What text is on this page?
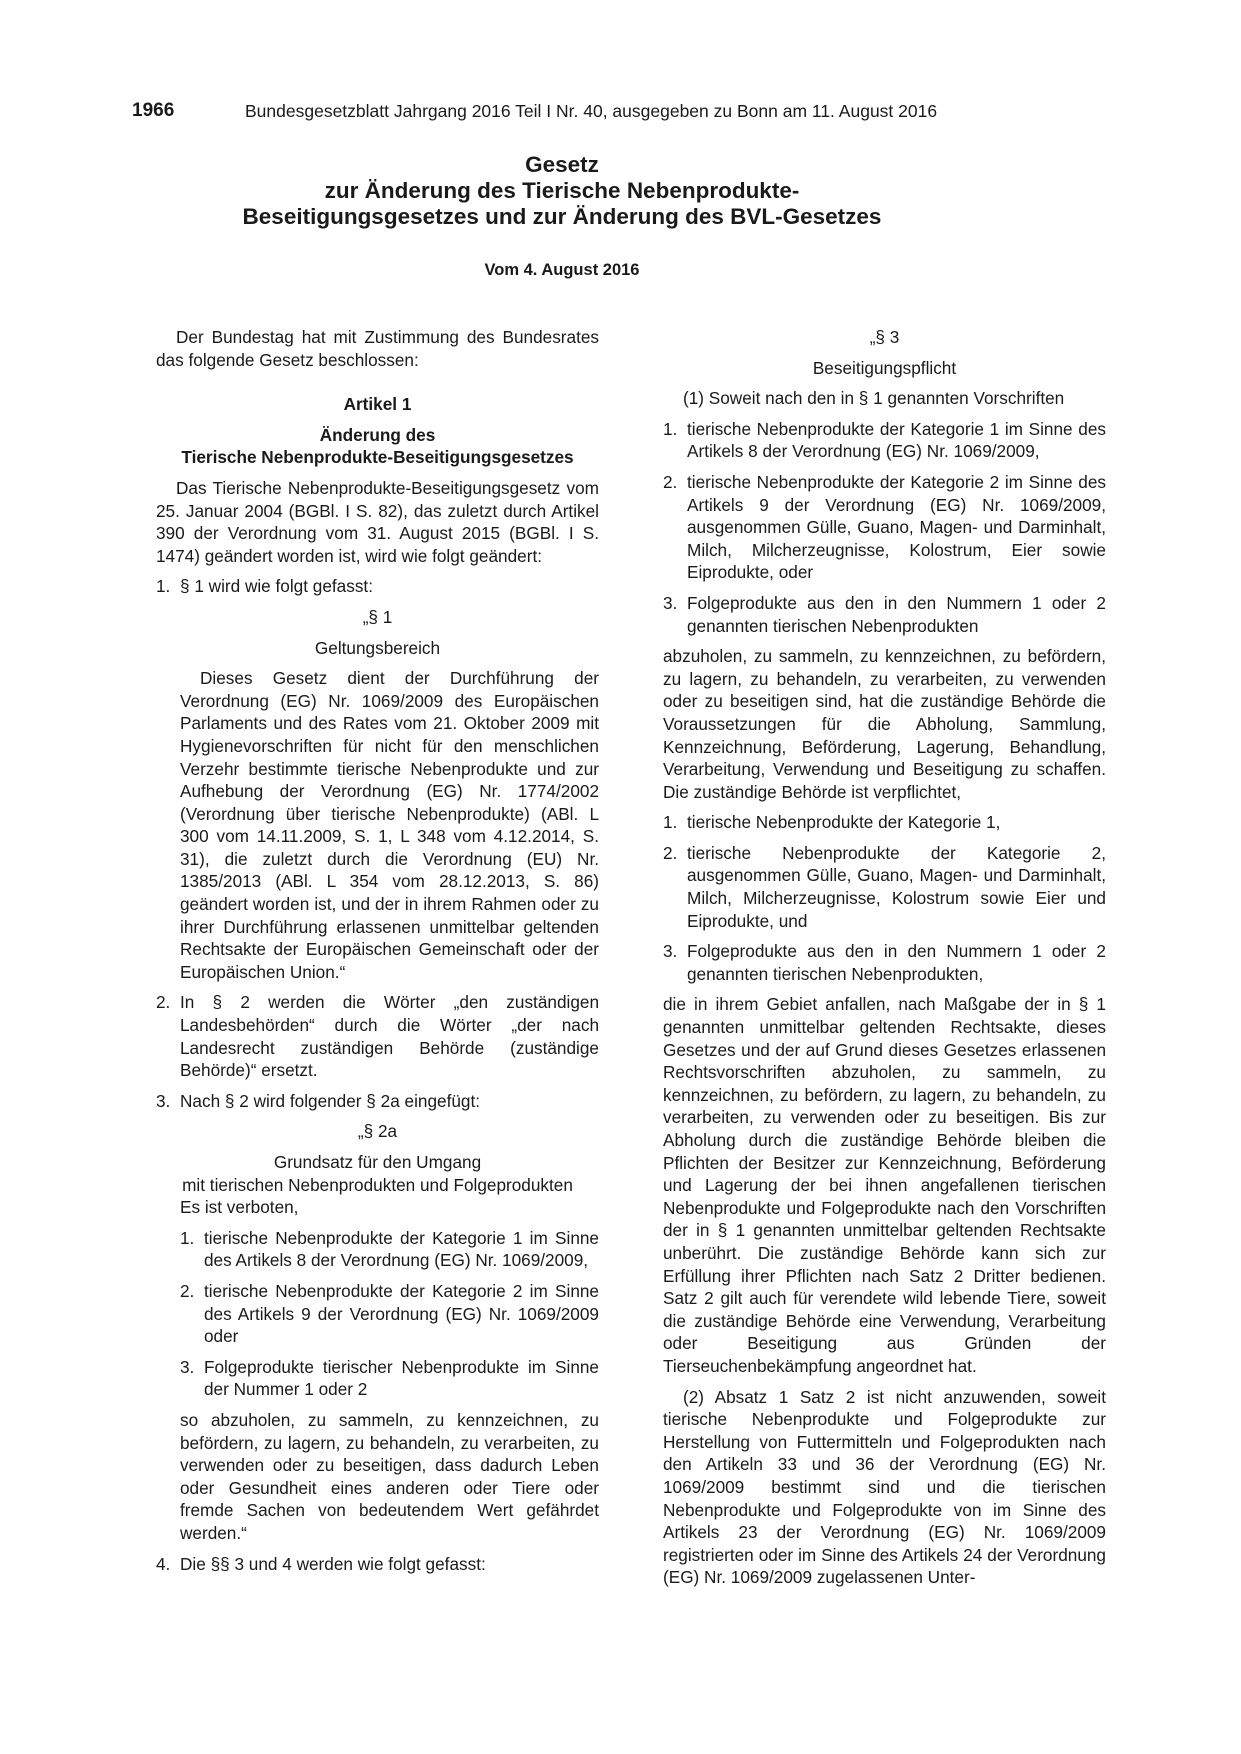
1966	Bundesgesetzblatt Jahrgang 2016 Teil I Nr. 40, ausgegeben zu Bonn am 11. August 2016
Gesetz
zur Änderung des Tierische Nebenprodukte-
Beseitigungsgesetzes und zur Änderung des BVL-Gesetzes
Vom 4. August 2016

Der Bundestag hat mit Zustimmung des Bundesrates das folgende Gesetz beschlossen:

Artikel 1

Änderung des

Tierische Nebenprodukte-Beseitigungsgesetzes

Das Tierische Nebenprodukte-Beseitigungsgesetz vom 25. Januar 2004 (BGBl. I S. 82), das zuletzt durch Artikel 390 der Verordnung vom 31. August 2015 (BGBl. I S. 1474) geändert worden ist, wird wie folgt geändert:

1. § 1 wird wie folgt gefasst:

„§ 1

Geltungsbereich

Dieses Gesetz dient der Durchführung der Verordnung (EG) Nr. 1069/2009 des Europäischen Parlaments und des Rates vom 21. Oktober 2009 mit Hygienevorschriften für nicht für den menschlichen Verzehr bestimmte tierische Nebenprodukte und zur Aufhebung der Verordnung (EG) Nr. 1774/2002 (Verordnung über tierische Nebenprodukte) (ABl. L 300 vom 14.11.2009, S. 1, L 348 vom 4.12.2014, S. 31), die zuletzt durch die Verordnung (EU) Nr. 1385/2013 (ABl. L 354 vom 28.12.2013, S. 86) geändert worden ist, und der in ihrem Rahmen oder zu ihrer Durchführung erlassenen unmittelbar geltenden Rechtsakte der Europäischen Gemeinschaft oder der Europäischen Union.“

2. In § 2 werden die Wörter „den zuständigen Landesbehörden“ durch die Wörter „der nach Landesrecht zuständigen Behörde (zuständige Behörde)“ ersetzt.
3. Nach § 2 wird folgender § 2a eingefügt:

„§ 2a

Grundsatz für den Umgang

mit tierischen Nebenprodukten und Folgeprodukten

Es ist verboten,

1. tierische Nebenprodukte der Kategorie 1 im Sinne des Artikels 8 der Verordnung (EG) Nr. 1069/2009,
2. tierische Nebenprodukte der Kategorie 2 im Sinne des Artikels 9 der Verordnung (EG) Nr. 1069/2009 oder
3. Folgeprodukte tierischer Nebenprodukte im Sinne der Nummer 1 oder 2

so abzuholen, zu sammeln, zu kennzeichnen, zu befördern, zu lagern, zu behandeln, zu verarbeiten, zu verwenden oder zu beseitigen, dass dadurch Leben oder Gesundheit eines anderen oder Tiere oder fremde Sachen von bedeutendem Wert gefährdet werden.“

4. Die §§ 3 und 4 werden wie folgt gefasst:

„§ 3

Beseitigungspflicht

(1) Soweit nach den in § 1 genannten Vorschriften

1. tierische Nebenprodukte der Kategorie 1 im Sinne des Artikels 8 der Verordnung (EG) Nr. 1069/2009,
2. tierische Nebenprodukte der Kategorie 2 im Sinne des Artikels 9 der Verordnung (EG) Nr. 1069/2009, ausgenommen Gülle, Guano, Magen- und Darminhalt, Milch, Milcherzeugnisse, Kolostrum, Eier sowie Eiprodukte, oder
3. Folgeprodukte aus den in den Nummern 1 oder 2 genannten tierischen Nebenprodukten

abzuholen, zu sammeln, zu kennzeichnen, zu befördern, zu lagern, zu behandeln, zu verarbeiten, zu verwenden oder zu beseitigen sind, hat die zuständige Behörde die Voraussetzungen für die Abholung, Sammlung, Kennzeichnung, Beförderung, Lagerung, Behandlung, Verarbeitung, Verwendung und Beseitigung zu schaffen. Die zuständige Behörde ist verpflichtet,

1. tierische Nebenprodukte der Kategorie 1,
2. tierische Nebenprodukte der Kategorie 2, ausgenommen Gülle, Guano, Magen- und Darminhalt, Milch, Milcherzeugnisse, Kolostrum sowie Eier und Eiprodukte, und
3. Folgeprodukte aus den in den Nummern 1 oder 2 genannten tierischen Nebenprodukten,

die in ihrem Gebiet anfallen, nach Maßgabe der in § 1 genannten unmittelbar geltenden Rechtsakte, dieses Gesetzes und der auf Grund dieses Gesetzes erlassenen Rechtsvorschriften abzuholen, zu sammeln, zu kennzeichnen, zu befördern, zu lagern, zu behandeln, zu verarbeiten, zu verwenden oder zu beseitigen. Bis zur Abholung durch die zuständige Behörde bleiben die Pflichten der Besitzer zur Kennzeichnung, Beförderung und Lagerung der bei ihnen angefallenen tierischen Nebenprodukte und Folgeprodukte nach den Vorschriften der in § 1 genannten unmittelbar geltenden Rechtsakte unberührt. Die zuständige Behörde kann sich zur Erfüllung ihrer Pflichten nach Satz 2 Dritter bedienen. Satz 2 gilt auch für verendete wild lebende Tiere, soweit die zuständige Behörde eine Verwendung, Verarbeitung oder Beseitigung aus Gründen der Tierseuchenbekämpfung angeordnet hat.

(2) Absatz 1 Satz 2 ist nicht anzuwenden, soweit tierische Nebenprodukte und Folgeprodukte zur Herstellung von Futtermitteln und Folgeprodukten nach den Artikeln 33 und 36 der Verordnung (EG) Nr. 1069/2009 bestimmt sind und die tierischen Nebenprodukte und Folgeprodukte von im Sinne des Artikels 23 der Verordnung (EG) Nr. 1069/2009 registrierten oder im Sinne des Artikels 24 der Verordnung (EG) Nr. 1069/2009 zugelassenen Unter-
